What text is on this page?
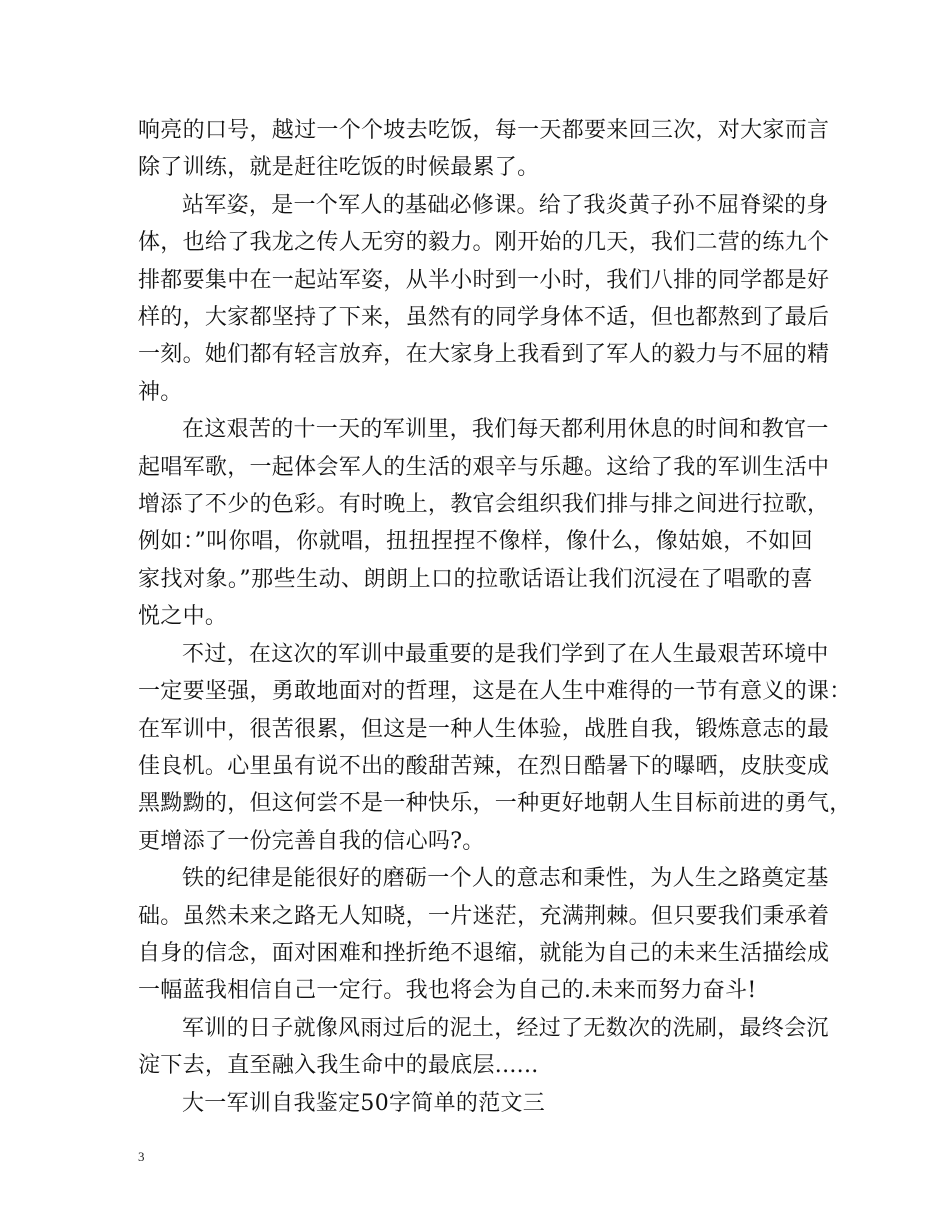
响亮的口号，越过一个个坡去吃饭，每一天都要来回三次，对大家而言
除了训练，就是赶往吃饭的时候最累了。
站军姿，是一个军人的基础必修课。给了我炎黄子孙不屈脊梁的身
体，也给了我龙之传人无穷的毅力。刚开始的几天，我们二营的练九个
排都要集中在一起站军姿，从半小时到一小时，我们八排的同学都是好
样的，大家都坚持了下来，虽然有的同学身体不适，但也都熬到了最后
一刻。她们都有轻言放弃，在大家身上我看到了军人的毅力与不屈的精
神。
在这艰苦的十一天的军训里，我们每天都利用休息的时间和教官一
起唱军歌，一起体会军人的生活的艰辛与乐趣。这给了我的军训生活中
增添了不少的色彩。有时晚上，教官会组织我们排与排之间进行拉歌，
例如：”叫你唱，你就唱，扭扭捏捏不像样，像什么，像姑娘，不如回
家找对象。”那些生动、朗朗上口的拉歌话语让我们沉浸在了唱歌的喜
悦之中。
不过，在这次的军训中最重要的是我们学到了在人生最艰苦环境中
一定要坚强，勇敢地面对的哲理，这是在人生中难得的一节有意义的课：
在军训中，很苦很累，但这是一种人生体验，战胜自我，锻炼意志的最
佳良机。心里虽有说不出的酸甜苦辣，在烈日酷暑下的曝晒，皮肤变成
黑黝黝的，但这何尝不是一种快乐，一种更好地朝人生目标前进的勇气，
更增添了一份完善自我的信心吗?。
铁的纪律是能很好的磨砺一个人的意志和秉性，为人生之路奠定基
础。虽然未来之路无人知晓，一片迷茫，充满荆棘。但只要我们秉承着
自身的信念，面对困难和挫折绝不退缩，就能为自己的未来生活描绘成
一幅蓝我相信自己一定行。我也将会为自己的.未来而努力奋斗!
军训的日子就像风雨过后的泥土，经过了无数次的洗刷，最终会沉
淀下去，直至融入我生命中的最底层......
大一军训自我鉴定50字简单的范文三
3
